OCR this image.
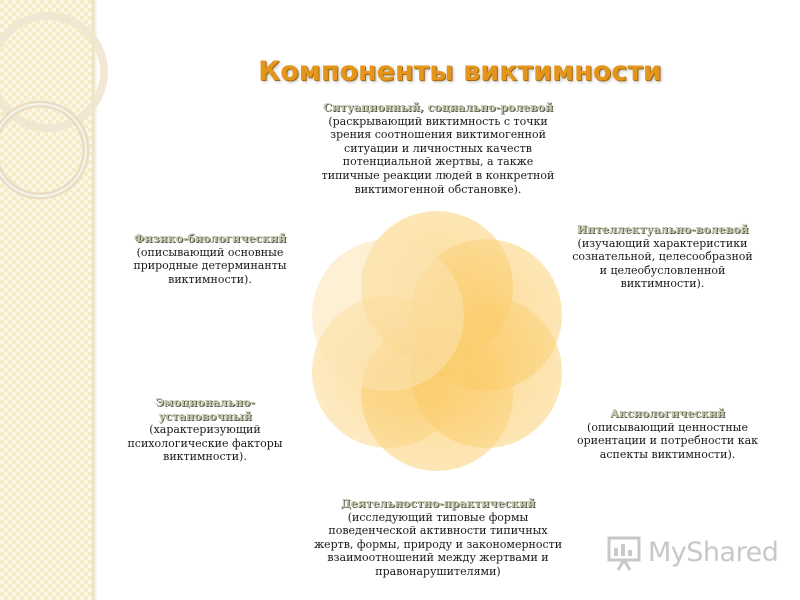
Компоненты виктимности
Ситуационный, социально-ролевой (раскрывающий виктимность с точки зрения соотношения виктимогенной ситуации и личностных качеств потенциальной жертвы, а также типичные реакции людей в конкретной виктимогенной обстановке).
Интеллектуально-волевой
(изучающий характеристики сознательной, целесообразной и целеобусловленной виктимности).
Аксиологический
(описывающий ценностные ориентации и потребности как аспекты виктимности).
Деятельностно-практический
(исследующий типовые формы поведенческой активности типичных жертв, формы, природу и закономерности взаимоотношений между жертвами и правонарушителями)
Эмоционально-установочный
(характеризующий психологические факторы виктимности).
Физико-биологический
(описывающий основные природные детерминанты виктимности).
MyShared
